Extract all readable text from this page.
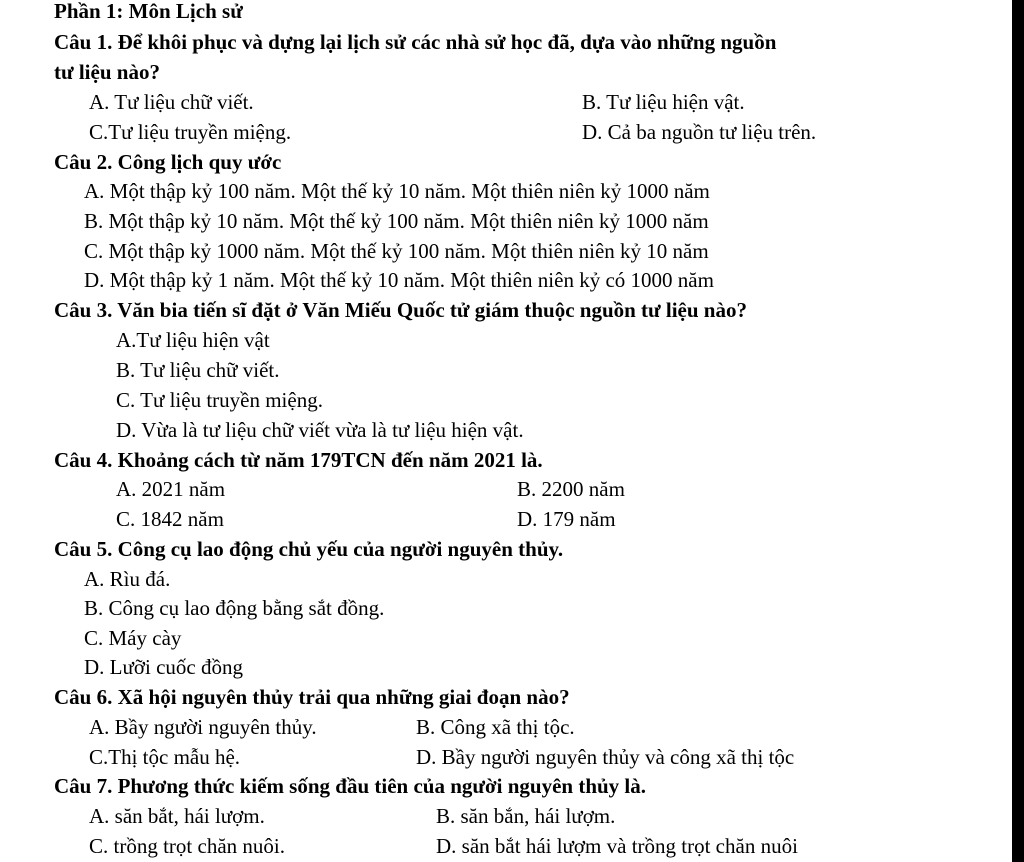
Phần 1: Môn Lịch sử
Câu 1. Để khôi phục và dựng lại lịch sử các nhà sử học đã, dựa vào những nguồn
tư liệu nào?
A. Tư liệu chữ viết.	B. Tư liệu hiện vật.
C.Tư liệu truyền miệng.	D. Cả ba nguồn tư liệu trên.
Câu 2. Công lịch quy ước
A. Một thập kỷ 100 năm. Một thế kỷ 10 năm. Một thiên niên kỷ 1000 năm
B. Một thập kỷ 10 năm. Một thế kỷ 100 năm. Một thiên niên kỷ 1000 năm
C. Một thập kỷ 1000 năm. Một thế kỷ 100 năm. Một thiên niên kỷ 10 năm
D. Một thập kỷ 1 năm. Một thế kỷ 10 năm. Một thiên niên kỷ có 1000 năm
Câu 3. Văn bia tiến sĩ đặt ở Văn Miếu Quốc tử giám thuộc nguồn tư liệu nào?
A.Tư liệu hiện vật
B. Tư liệu chữ viết.
C. Tư liệu truyền miệng.
D. Vừa là tư liệu chữ viết vừa là tư liệu hiện vật.
Câu 4. Khoảng cách từ năm 179TCN đến năm 2021 là.
A. 2021 năm	B. 2200 năm
C. 1842 năm	D. 179 năm
Câu 5. Công cụ lao động chủ yếu của người nguyên thủy.
A. Rìu đá.
B. Công cụ lao động bằng sắt đồng.
C. Máy cày
D. Lưỡi cuốc đồng
Câu 6. Xã hội nguyên thủy trải qua những giai đoạn nào?
A. Bầy người nguyên thủy.	B. Công xã thị tộc.
C.Thị tộc mẫu hệ.	D. Bầy người nguyên thủy và công xã thị tộc
Câu 7. Phương thức kiếm sống đầu tiên của người nguyên thủy là.
A. săn bắt, hái lượm.	B. săn bắn, hái lượm.
C. trồng trọt chăn nuôi.	D. săn bắt hái lượm và trồng trọt chăn nuôi
